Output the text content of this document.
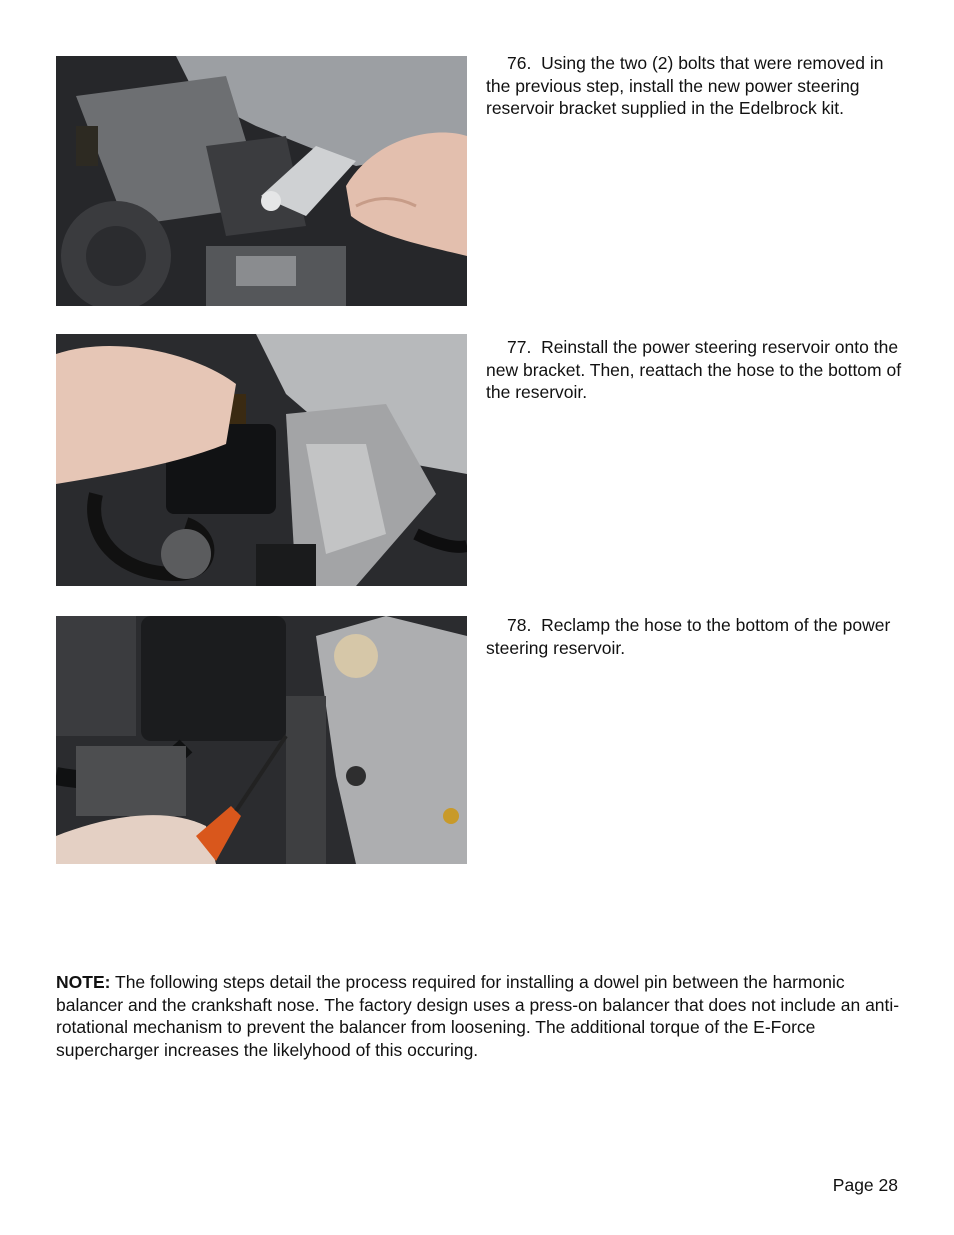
76. Using the two (2) bolts that were removed in the previous step, install the new power steering reservoir bracket supplied in the Edelbrock kit.

77. Reinstall the power steering reservoir onto the new bracket. Then, reattach the hose to the bottom of the reservoir.

78. Reclamp the hose to the bottom of the power steering reservoir.

NOTE: The following steps detail the process required for installing a dowel pin between the harmonic balancer and the crankshaft nose. The factory design uses a press-on balancer that does not include an anti-rotational mechanism to prevent the balancer from loosening. The additional torque of the E-Force supercharger increases the likelyhood of this occuring.

Page 28
